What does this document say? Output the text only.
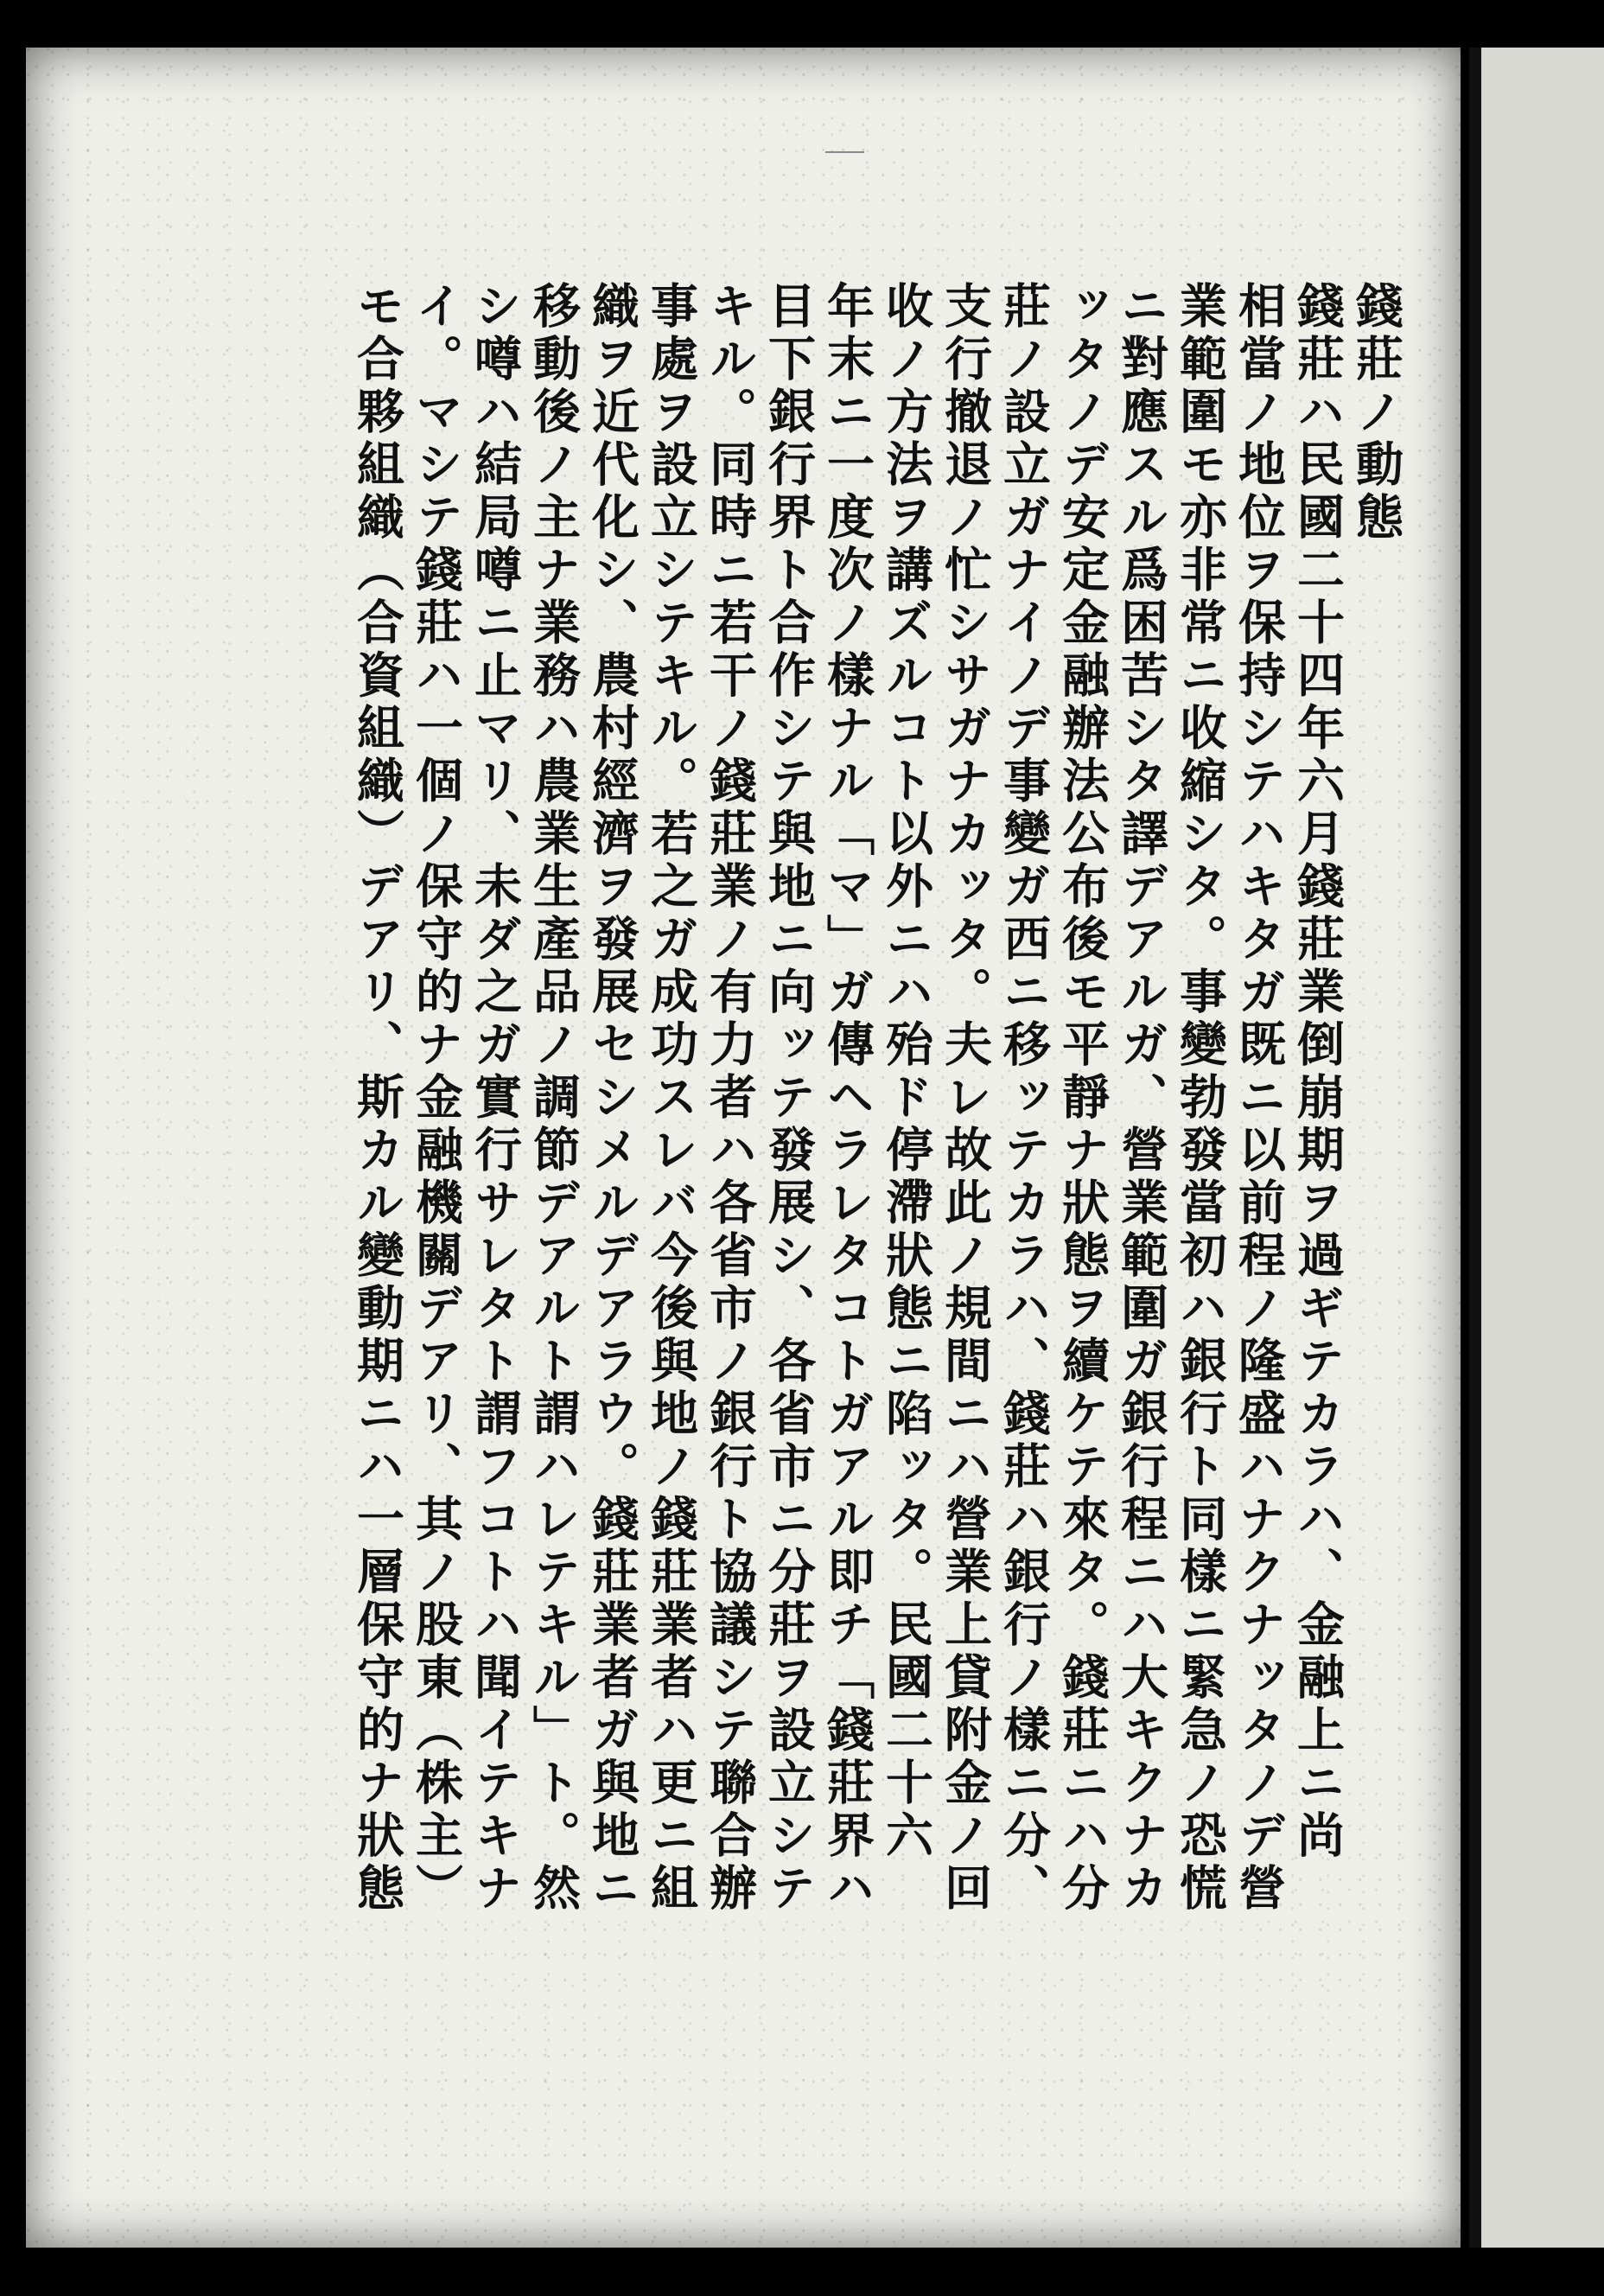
錢莊ノ動態
錢莊ハ民國二十四年六月錢莊業倒崩期ヲ過ギテカラハ、金融上ニ尚
相當ノ地位ヲ保持シテハキタガ既ニ以前程ノ隆盛ハナクナッタノデ營
業範圍モ亦非常ニ收縮シタ。事變勃發當初ハ銀行ト同樣ニ緊急ノ恐慌
ニ對應スル爲困苦シタ譯デアルガ、營業範圍ガ銀行程ニハ大キクナカ
ッタノデ安定金融辦法公布後モ平靜ナ狀態ヲ續ケテ來タ。錢莊ニハ分
莊ノ設立ガナイノデ事變ガ西ニ移ッテカラハ、錢莊ハ銀行ノ樣ニ分、
支行撤退ノ忙シサガナカッタ。夫レ故此ノ規間ニハ營業上貸附金ノ回
收ノ方法ヲ講ズルコト以外ニハ殆ド停滯狀態ニ陷ッタ。民國二十六
年末ニ一度次ノ樣ナル「マ」ガ傳ヘラレタコトガアル即チ「錢莊界ハ
目下銀行界ト合作シテ與地ニ向ッテ發展シ、各省市ニ分莊ヲ設立シテ
キル。同時ニ若干ノ錢莊業ノ有力者ハ各省市ノ銀行ト協議シテ聯合辦
事處ヲ設立シテキル。若之ガ成功スレバ今後與地ノ錢莊業者ハ更ニ組
織ヲ近代化シ、農村經濟ヲ發展セシメルデアラウ。錢莊業者ガ與地ニ
移動後ノ主ナ業務ハ農業生產品ノ調節デアルト謂ハレテキル」ト。然
シ噂ハ結局噂ニ止マリ、未ダ之ガ實行サレタト謂フコトハ聞イテキナ
イ。マシテ錢莊ハ一個ノ保守的ナ金融機關デアリ、其ノ股東（株主）
モ合夥組織（合資組織）デアリ、斯カル變動期ニハ一層保守的ナ狀態
